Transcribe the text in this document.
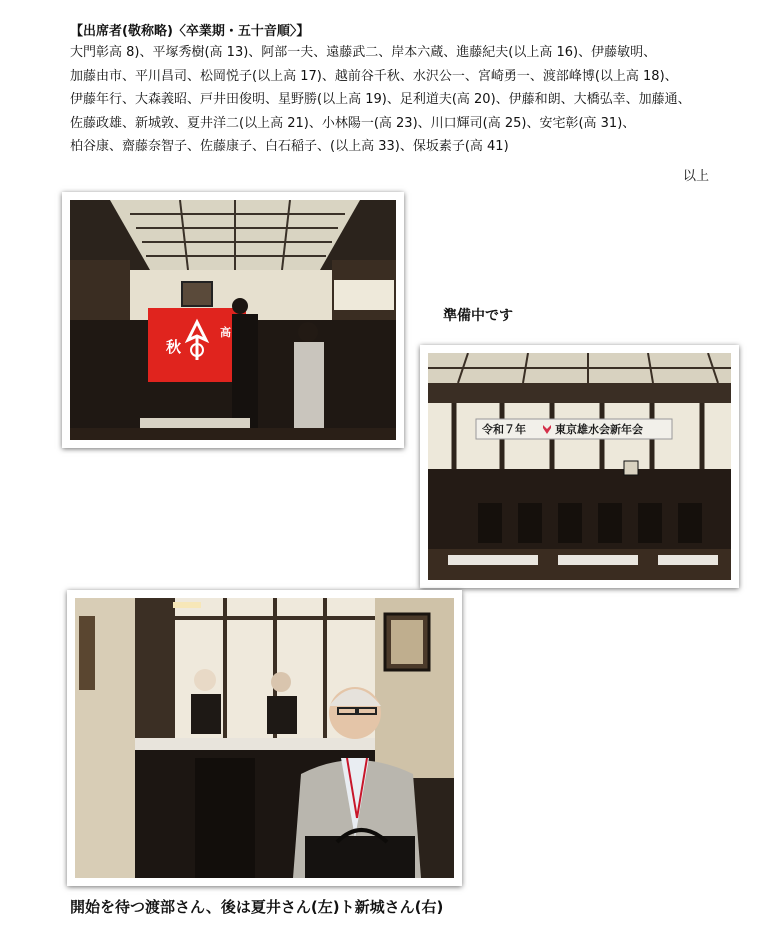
【出席者(敬称略)〈卒業期・五十音順〉】
大門彰高 8)、平塚秀樹(高 13)、阿部一夫、遠藤武二、岸本六蔵、進藤紀夫(以上高 16)、伊藤敏明、
加藤由市、平川昌司、松岡悦子(以上高 17)、越前谷千秋、水沢公一、宮崎勇一、渡部峰博(以上高 18)、
伊藤年行、大森義昭、戸井田俊明、星野勝(以上高 19)、足利道夫(高 20)、伊藤和朗、大橋弘幸、加藤通、
佐藤政雄、新城敦、夏井洋二(以上高 21)、小林陽一(高 23)、川口輝司(高 25)、安宅彰(高 31)、
柏谷康、齋藤奈智子、佐藤康子、白石稲子、(以上高 33)、保坂素子(高 41)
以上
秋
高
準備中です
令和７年	東京雄水会新年会
開始を待つ渡部さん、後は夏井さん(左)ト新城さん(右)
